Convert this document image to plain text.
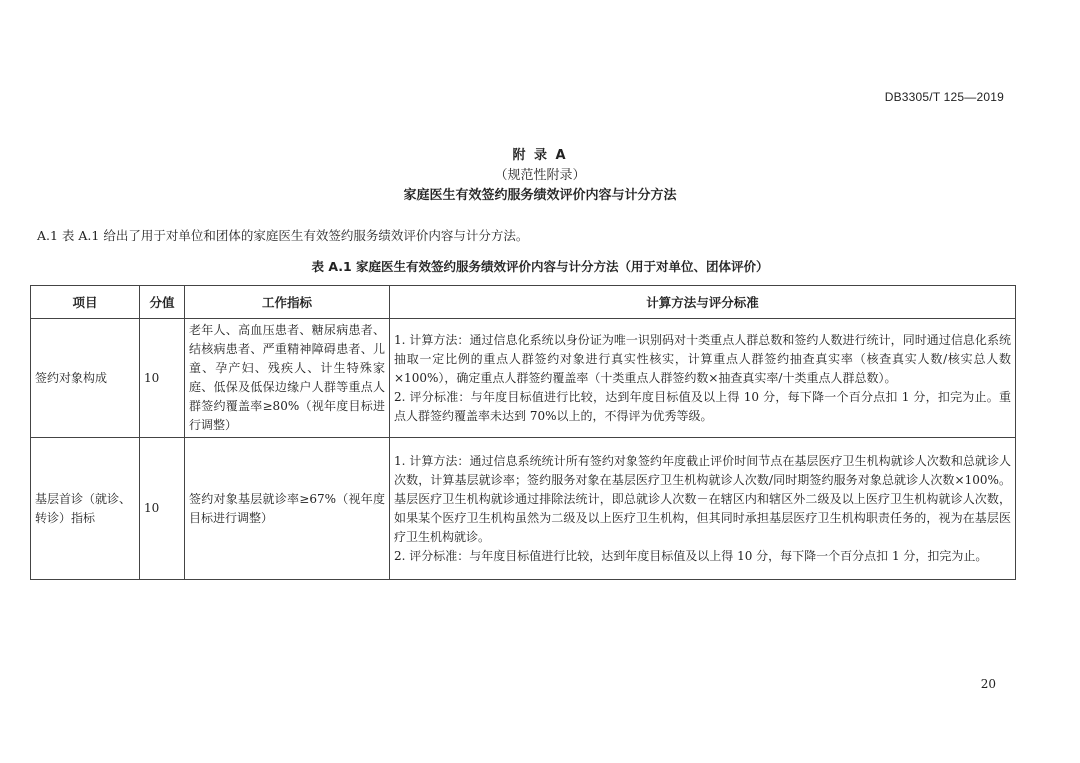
DB3305/T 125—2019
附 录 A
（规范性附录）
家庭医生有效签约服务绩效评价内容与计分方法
A.1 表 A.1 给出了用于对单位和团体的家庭医生有效签约服务绩效评价内容与计分方法。
表 A.1 家庭医生有效签约服务绩效评价内容与计分方法（用于对单位、团体评价）
项目	分值	工作指标	计算方法与评分标准
签约对象构成	10	老年人、高血压患者、糖尿病患者、结核病患者、严重精神障碍患者、儿童、孕产妇、残疾人、计生特殊家庭、低保及低保边缘户人群等重点人群签约覆盖率≥80%（视年度目标进行调整）	1. 计算方法：通过信息化系统以身份证为唯一识别码对十类重点人群总数和签约人数进行统计，同时通过信息化系统抽取一定比例的重点人群签约对象进行真实性核实，计算重点人群签约抽查真实率（核查真实人数/核实总人数×100%），确定重点人群签约覆盖率（十类重点人群签约数×抽查真实率/十类重点人群总数）。
2. 评分标准：与年度目标值进行比较，达到年度目标值及以上得 10 分，每下降一个百分点扣 1 分，扣完为止。重点人群签约覆盖率未达到 70%以上的，不得评为优秀等级。

基层首诊（就诊、转诊）指标	10	签约对象基层就诊率≥67%（视年度目标进行调整）	1. 计算方法：通过信息系统统计所有签约对象签约年度截止评价时间节点在基层医疗卫生机构就诊人次数和总就诊人次数，计算基层就诊率；签约服务对象在基层医疗卫生机构就诊人次数/同时期签约服务对象总就诊人次数×100%。基层医疗卫生机构就诊通过排除法统计，即总就诊人次数－在辖区内和辖区外二级及以上医疗卫生机构就诊人次数，如果某个医疗卫生机构虽然为二级及以上医疗卫生机构，但其同时承担基层医疗卫生机构职责任务的，视为在基层医疗卫生机构就诊。
2. 评分标准：与年度目标值进行比较，达到年度目标值及以上得 10 分，每下降一个百分点扣 1 分，扣完为止。
20
